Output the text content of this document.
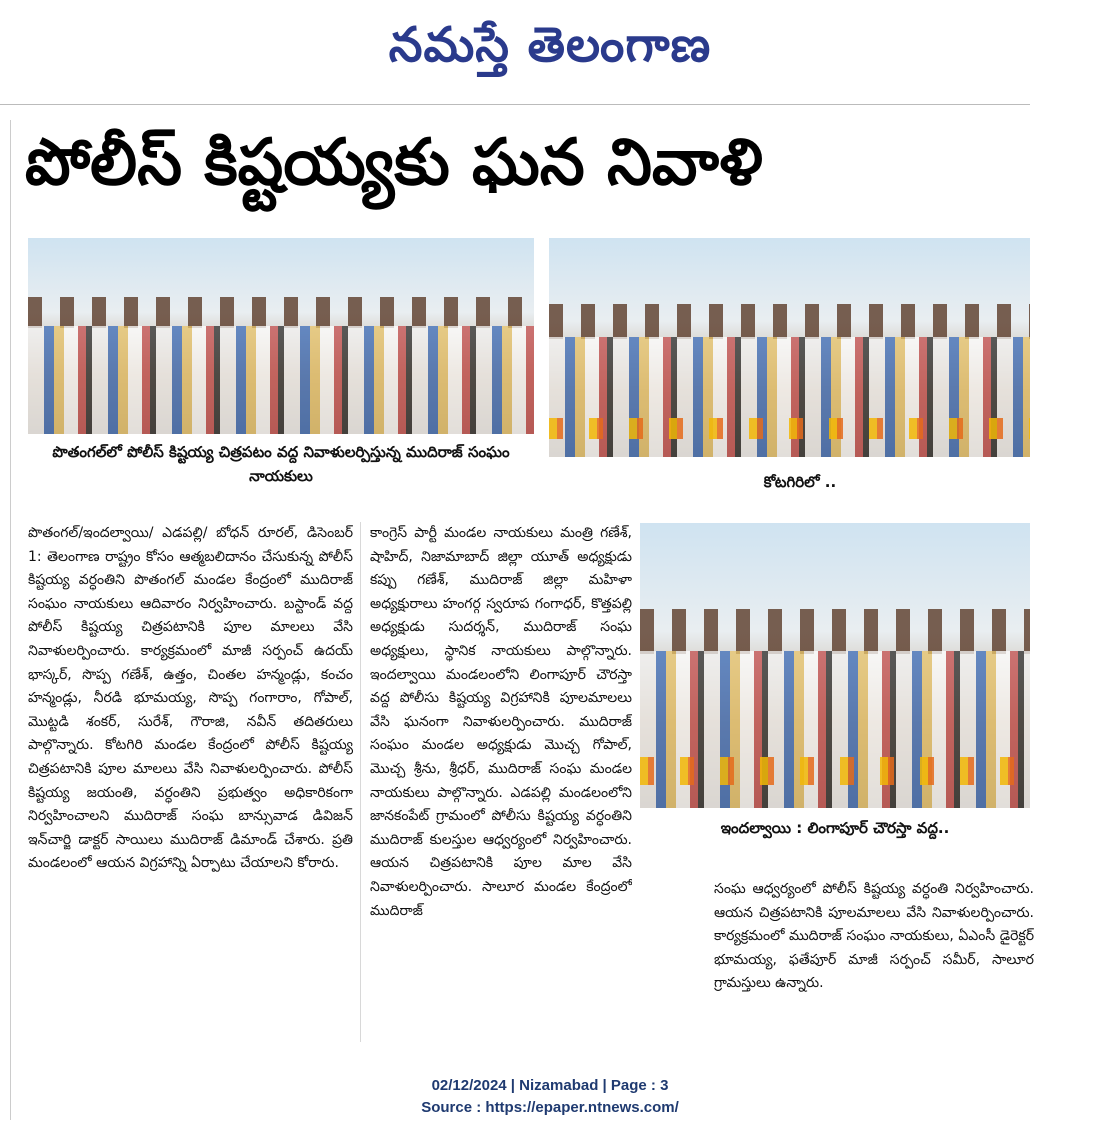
నమస్తే తెలంగాణ
పోలీస్ కిష్టయ్యకు ఘన నివాళి
పొతంగల్‌లో పోలీస్ కిష్టయ్య చిత్రపటం వద్ద నివాళులర్పిస్తున్న ముదిరాజ్ సంఘం నాయకులు	కోటగిరిలో ..
ఇందల్వాయి : లింగాపూర్ చౌరస్తా వద్ద..
పొతంగల్/ఇందల్వాయి/ ఎడపల్లి/ బోధన్ రూరల్, డిసెంబర్ 1: తెలంగాణ రాష్ట్రం కోసం ఆత్మబలిదానం చేసుకున్న పోలీస్ కిష్టయ్య వర్ధంతిని పొతంగల్ మండల కేంద్రంలో ముదిరాజ్ సంఘం నాయకులు ఆదివారం నిర్వహించారు. బస్టాండ్ వద్ద పోలీస్ కిష్టయ్య చిత్రపటానికి పూల మాలలు వేసి నివాళులర్పించారు. కార్యక్రమంలో మాజీ సర్పంచ్ ఉదయ్ భాస్కర్, సొప్ప గణేశ్, ఉత్తం, చింతల హన్మండ్లు, కంచం హన్మండ్లు, నీరడి భూమయ్య, సొప్ప గంగారాం, గోపాల్, మొట్టడి శంకర్, సురేశ్, గౌరాజి, నవీన్ తదితరులు పాల్గొన్నారు. కోటగిరి మండల కేంద్రంలో పోలీస్ కిష్టయ్య చిత్రపటానికి పూల మాలలు వేసి నివాళులర్పించారు. పోలీస్ కిష్టయ్య జయంతి, వర్ధంతిని ప్రభుత్వం అధికారికంగా నిర్వహించాలని ముదిరాజ్ సంఘ బాన్సువాడ డివిజన్ ఇన్‌చార్జి డాక్టర్ సాయిలు ముదిరాజ్ డిమాండ్ చేశారు. ప్రతి మండలంలో ఆయన విగ్రహాన్ని ఏర్పాటు చేయాలని కోరారు.
కాంగ్రెస్ పార్టీ మండల నాయకులు మంత్రి గణేశ్, షాహిద్, నిజామాబాద్ జిల్లా యూత్ అధ్యక్షుడు కప్పు గణేశ్, ముదిరాజ్ జిల్లా మహిళా అధ్యక్షురాలు హంగర్గ స్వరూప గంగాధర్, కొత్తపల్లి అధ్యక్షుడు సుదర్శన్, ముదిరాజ్ సంఘ అధ్యక్షులు, స్థానిక నాయకులు పాల్గొన్నారు. ఇందల్వాయి మండలంలోని లింగాపూర్ చౌరస్తా వద్ద పోలీసు కిష్టయ్య విగ్రహానికి పూలమాలలు వేసి ఘనంగా నివాళులర్పించారు. ముదిరాజ్ సంఘం మండల అధ్యక్షుడు మొచ్చ గోపాల్, మొచ్చ శ్రీను, శ్రీధర్, ముదిరాజ్ సంఘ మండల నాయకులు పాల్గొన్నారు. ఎడపల్లి మండలంలోని జానకంపేట్ గ్రామంలో పోలీసు కిష్టయ్య వర్ధంతిని ముదిరాజ్ కులస్తుల ఆధ్వర్యంలో నిర్వహించారు. ఆయన చిత్రపటానికి పూల మాల వేసి నివాళులర్పించారు. సాలూర మండల కేంద్రంలో ముదిరాజ్
సంఘ ఆధ్వర్యంలో పోలీస్ కిష్టయ్య వర్ధంతి నిర్వహించారు. ఆయన చిత్రపటానికి పూలమాలలు వేసి నివాళులర్పించారు. కార్యక్రమంలో ముదిరాజ్ సంఘం నాయకులు, ఏఎంసీ డైరెక్టర్ భూమయ్య, ఫతేపూర్ మాజీ సర్పంచ్ సమీర్, సాలూర గ్రామస్తులు ఉన్నారు.
02/12/2024 | Nizamabad | Page : 3
Source : https://epaper.ntnews.com/
